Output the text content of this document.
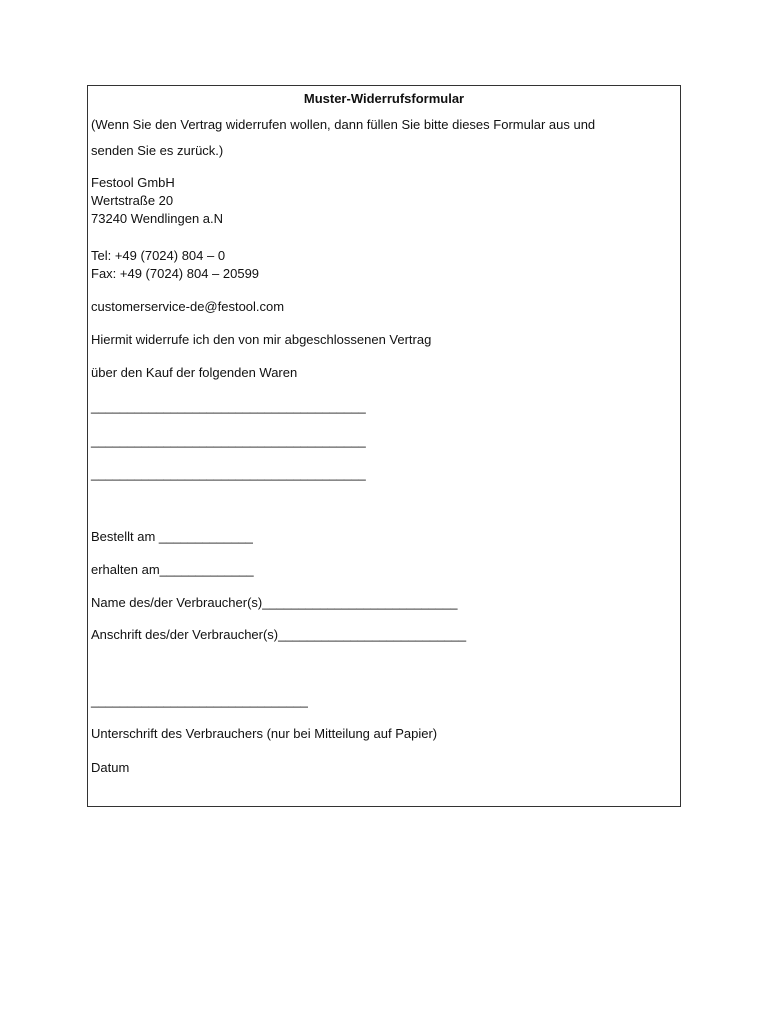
Muster-Widerrufsformular
(Wenn Sie den Vertrag widerrufen wollen, dann füllen Sie bitte dieses Formular aus und
senden Sie es zurück.)
Festool GmbH
Wertstraße 20
73240 Wendlingen a.N
Tel: +49 (7024) 804 – 0
Fax: +49 (7024) 804 – 20599
customerservice-de@festool.com
Hiermit widerrufe ich den von mir abgeschlossenen Vertrag
über den Kauf der folgenden Waren
______________________________________
______________________________________
______________________________________
Bestellt am _____________
erhalten am_____________
Name des/der Verbraucher(s)___________________________
Anschrift des/der Verbraucher(s)__________________________
______________________________
Unterschrift des Verbrauchers (nur bei Mitteilung auf Papier)
Datum
